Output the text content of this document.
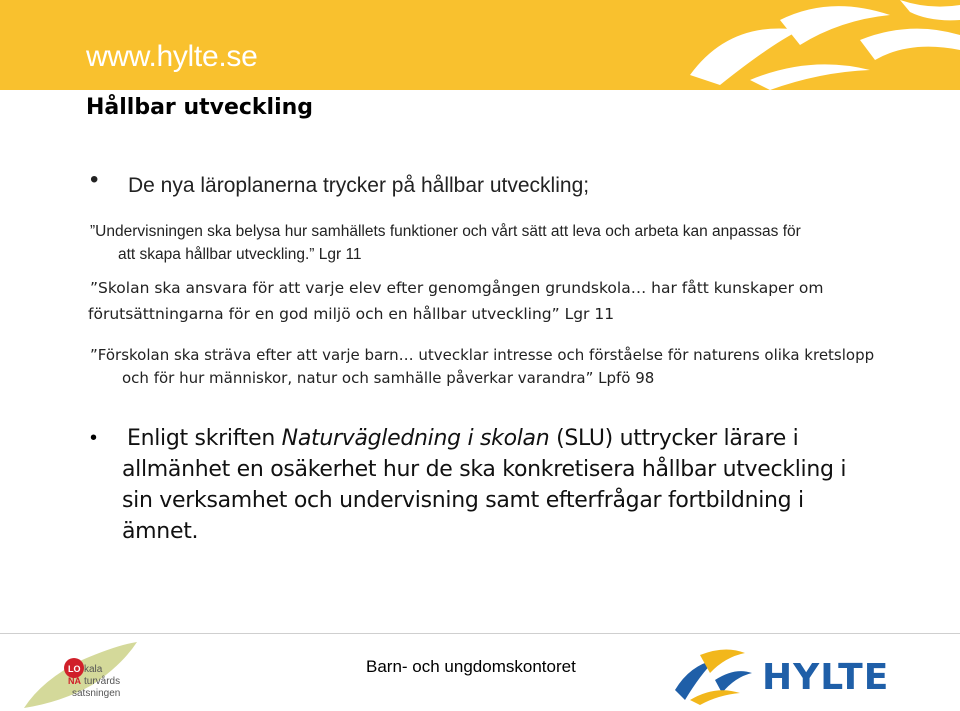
www.hylte.se
Hållbar utveckling
• De nya läroplanerna trycker på hållbar utveckling;
”Undervisningen ska belysa hur samhällets funktioner och vårt sätt att leva och arbeta kan anpassas för
att skapa hållbar utveckling.” Lgr 11
”Skolan ska ansvara för att varje elev efter genomgången grundskola… har fått kunskaper om
förutsättningarna för en god miljö och en hållbar utveckling” Lgr 11
”Förskolan ska sträva efter att varje barn… utvecklar intresse och förståelse för naturens olika kretslopp
och för hur människor, natur och samhälle påverkar varandra” Lpfö 98
• Enligt skriften Naturvägledning i skolan (SLU) uttrycker lärare i
allmänhet en osäkerhet hur de ska konkretisera hållbar utveckling i
sin verksamhet och undervisning samt efterfrågar fortbildning i
ämnet.
LO kala
NA turvårds
satsningen
Barn- och ungdomskontoret	HYLTE
